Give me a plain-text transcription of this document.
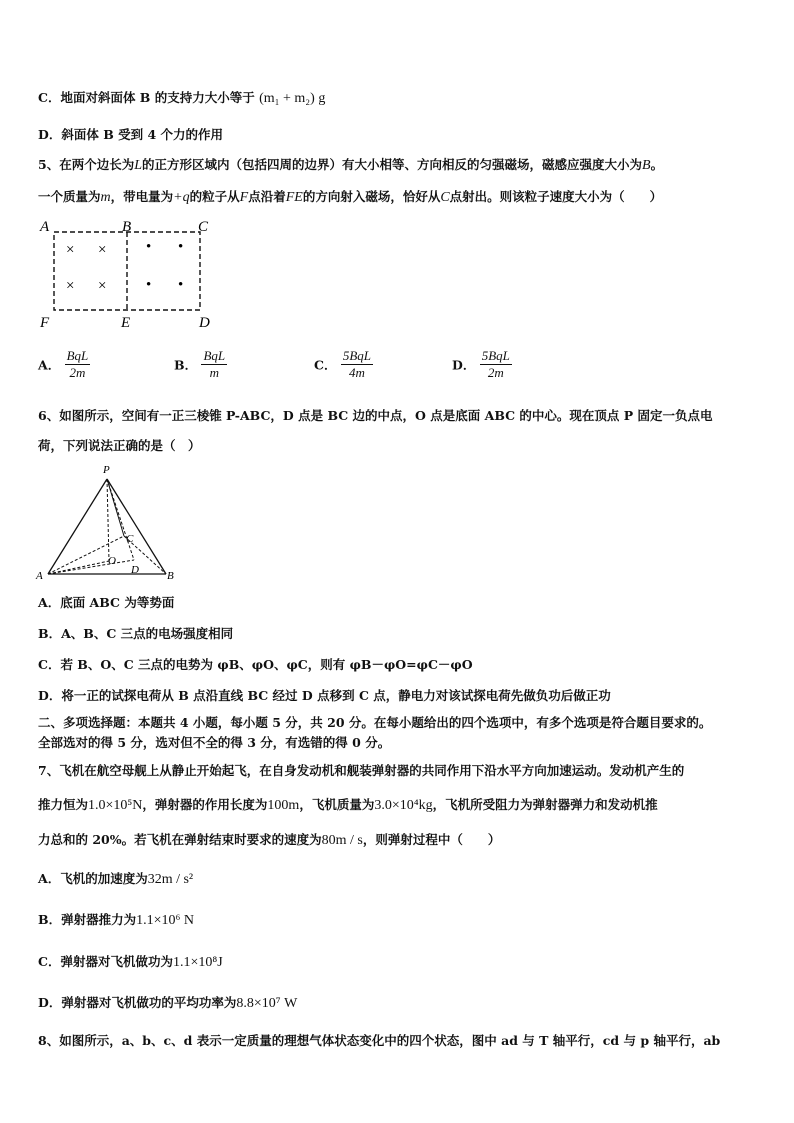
C．地面对斜面体 B 的支持力大小等于 (m₁ + m₂) g
D．斜面体 B 受到 4 个力的作用
5、在两个边长为L的正方形区域内（包括四周的边界）有大小相等、方向相反的匀强磁场，磁感应强度大小为B。
一个质量为m，带电量为+q的粒子从F点沿着FE的方向射入磁场，恰好从C点射出。则该粒子速度大小为（　　）
A	B	C
F	E	D
× ×
× ×
• •
• •
A． $\frac{\text{BqL}}{2m}$	B． $\frac{\text{BqL}}{m}$	C． $\frac{\text{5BqL}}{4m}$	D． $\frac{\text{5BqL}}{2m}$
6、如图所示，空间有一正三棱锥 P-ABC，D 点是 BC 边的中点，O 点是底面 ABC 的中心。现在顶点 P 固定一负点电
荷，下列说法正确的是（　）
P
C
O
D
A	B
A．底面 ABC 为等势面
B．A、B、C 三点的电场强度相同
C．若 B、O、C 三点的电势为 φB、φO、φC，则有 φB－φO=φC－φO
D．将一正的试探电荷从 B 点沿直线 BC 经过 D 点移到 C 点，静电力对该试探电荷先做负功后做正功
二、多项选择题：本题共 4 小题，每小题 5 分，共 20 分。在每小题给出的四个选项中，有多个选项是符合题目要求的。
全部选对的得 5 分，选对但不全的得 3 分，有选错的得 0 分。
7、飞机在航空母舰上从静止开始起飞，在自身发动机和舰装弹射器的共同作用下沿水平方向加速运动。发动机产生的
推力恒为1.0×10⁵N，弹射器的作用长度为100m，飞机质量为3.0×10⁴kg，飞机所受阻力为弹射器弹力和发动机推
力总和的 20%。若飞机在弹射结束时要求的速度为80m / s，则弹射过程中（　　）
A．飞机的加速度为32m / s²
B．弹射器推力为1.1×10⁶ N
C．弹射器对飞机做功为1.1×10⁸J
D．弹射器对飞机做功的平均功率为8.8×10⁷ W
8、如图所示，a、b、c、d 表示一定质量的理想气体状态变化中的四个状态，图中 ad 与 T 轴平行，cd 与 p 轴平行，ab
